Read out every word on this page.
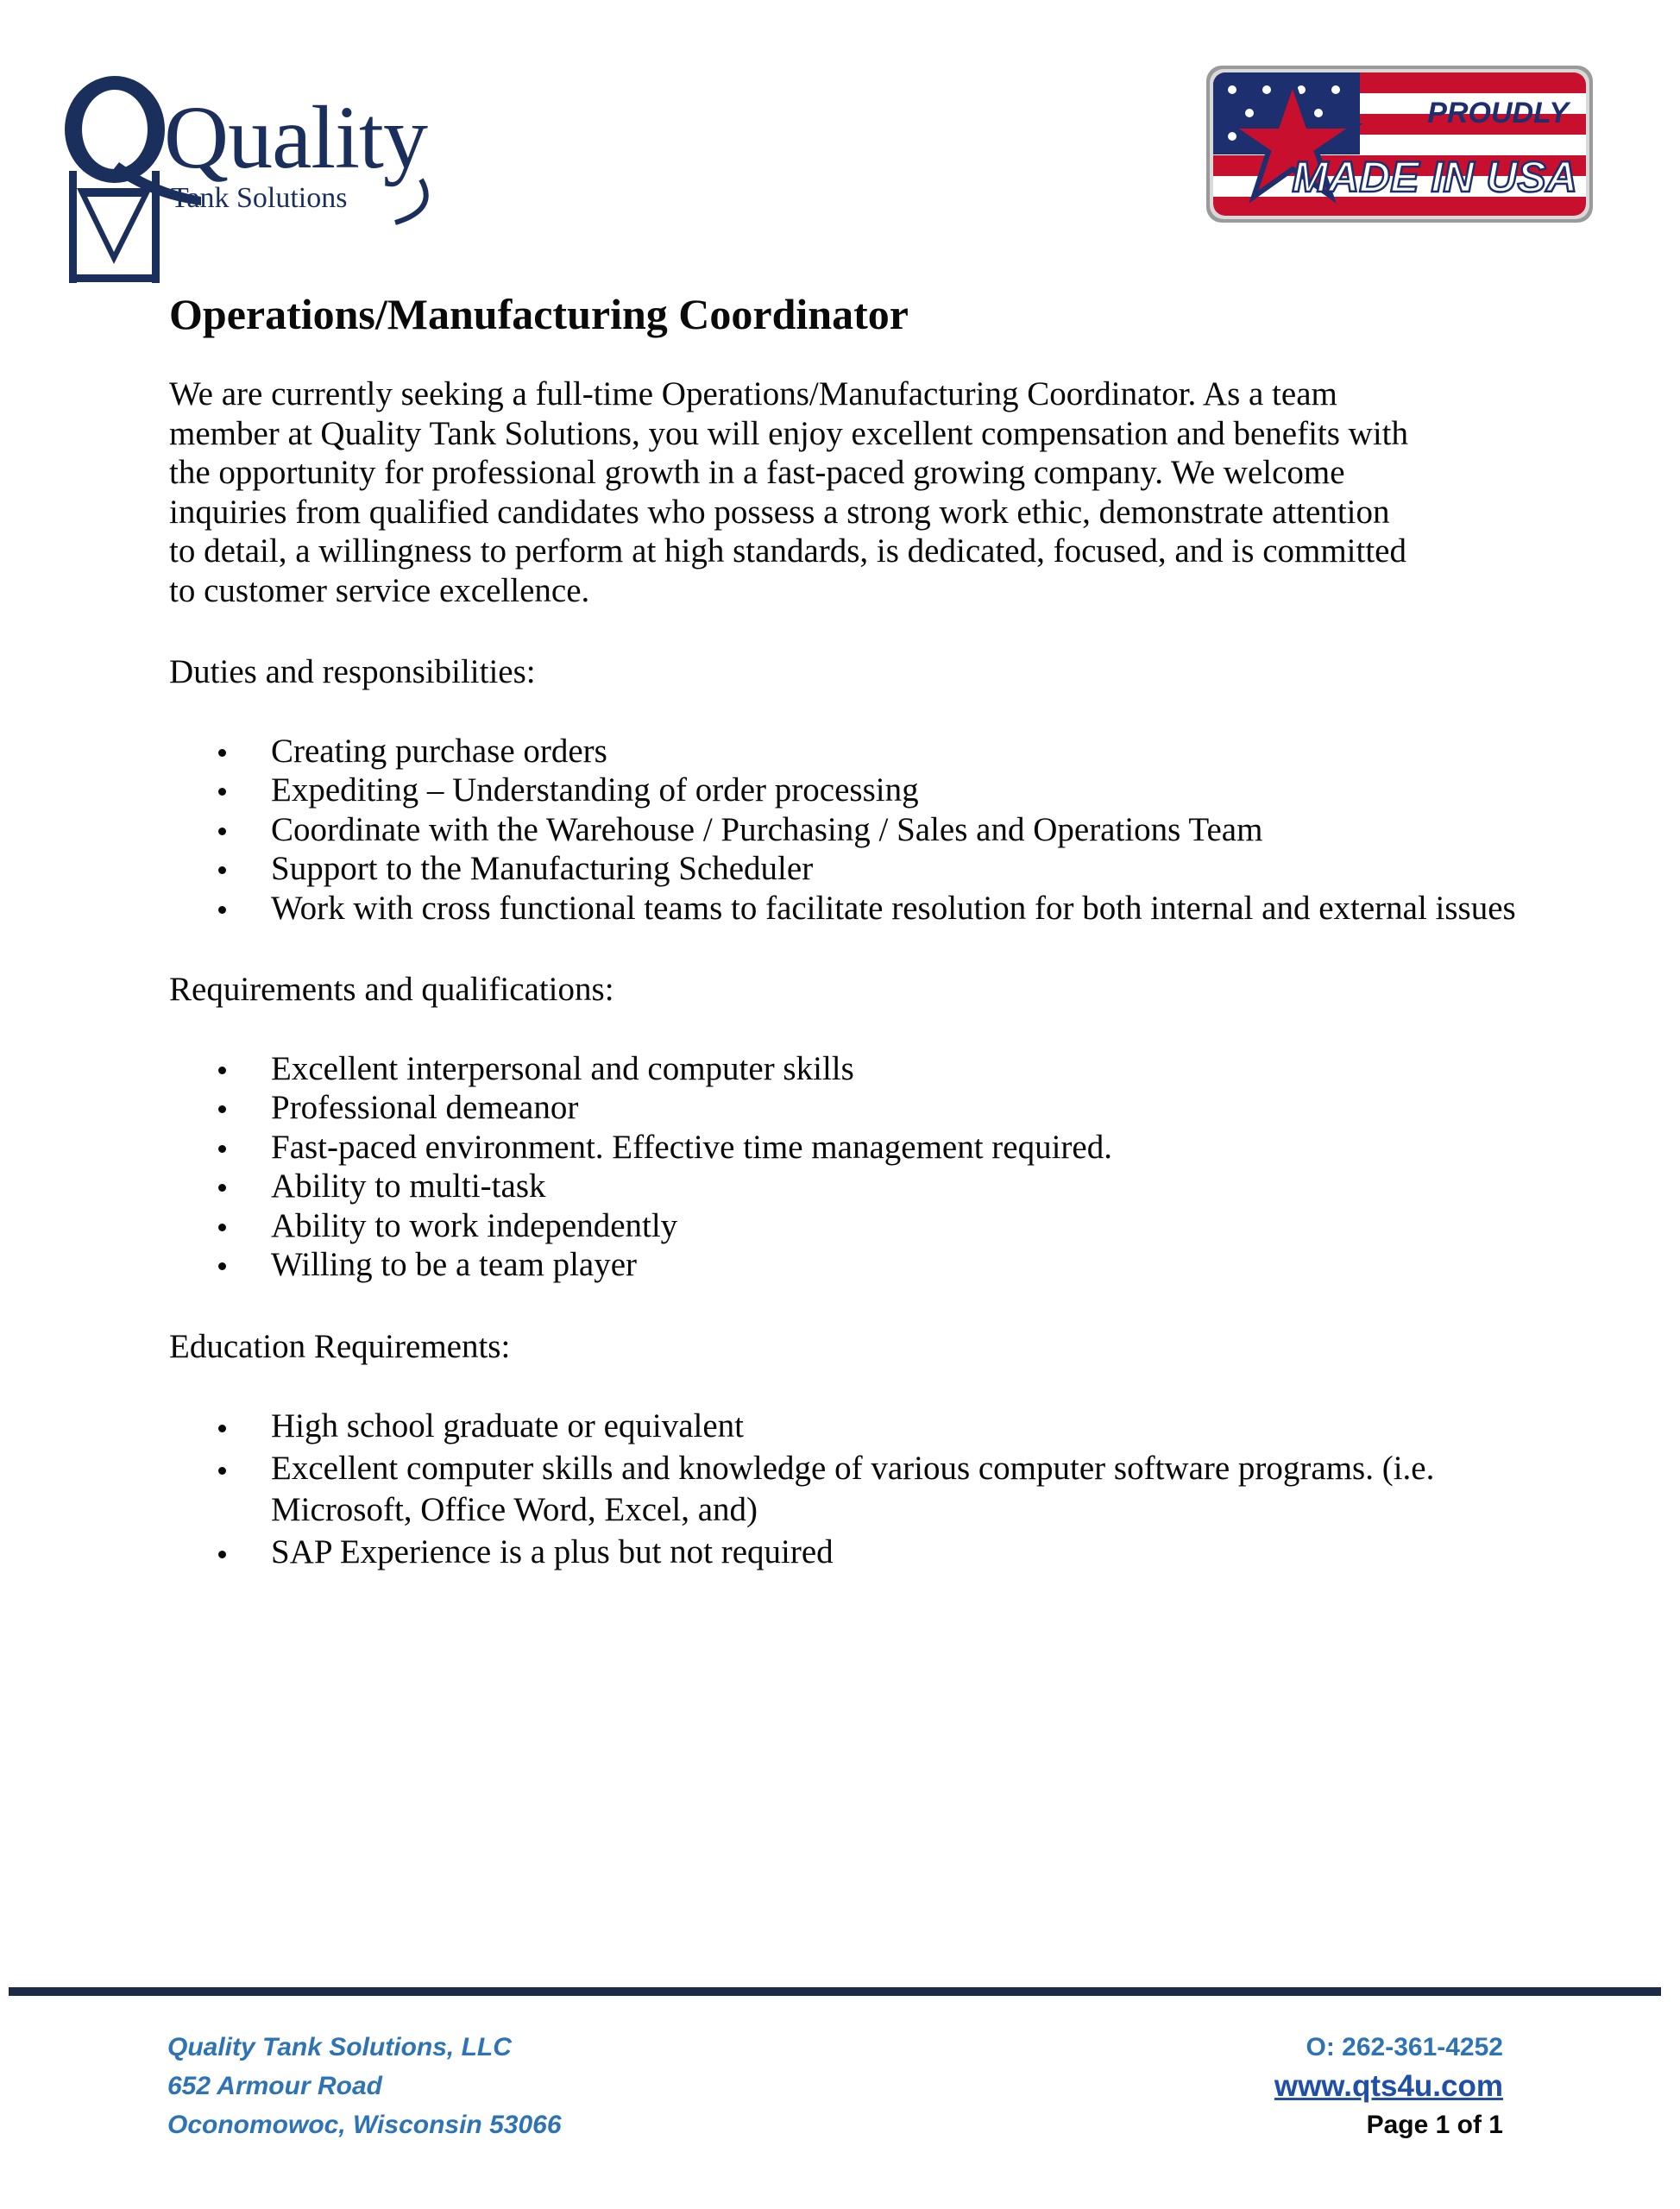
Quality
Tank Solutions
PROUDLY
MADE IN USA
Operations/Manufacturing Coordinator
We are currently seeking a full-time Operations/Manufacturing Coordinator. As a team
member at Quality Tank Solutions, you will enjoy excellent compensation and benefits with
the opportunity for professional growth in a fast-paced growing company. We welcome
inquiries from qualified candidates who possess a strong work ethic, demonstrate attention
to detail, a willingness to perform at high standards, is dedicated, focused, and is committed
to customer service excellence.
Duties and responsibilities:
Creating purchase orders
Expediting – Understanding of order processing
Coordinate with the Warehouse / Purchasing / Sales and Operations Team
Support to the Manufacturing Scheduler
Work with cross functional teams to facilitate resolution for both internal and external issues
Requirements and qualifications:
Excellent interpersonal and computer skills
Professional demeanor
Fast-paced environment. Effective time management required.
Ability to multi-task
Ability to work independently
Willing to be a team player
Education Requirements:
High school graduate or equivalent
Excellent computer skills and knowledge of various computer software programs. (i.e. Microsoft, Office Word, Excel, and)
SAP Experience is a plus but not required
Quality Tank Solutions, LLC
652 Armour Road
Oconomowoc, Wisconsin 53066
O: 262-361-4252
www.qts4u.com
Page 1 of 1
